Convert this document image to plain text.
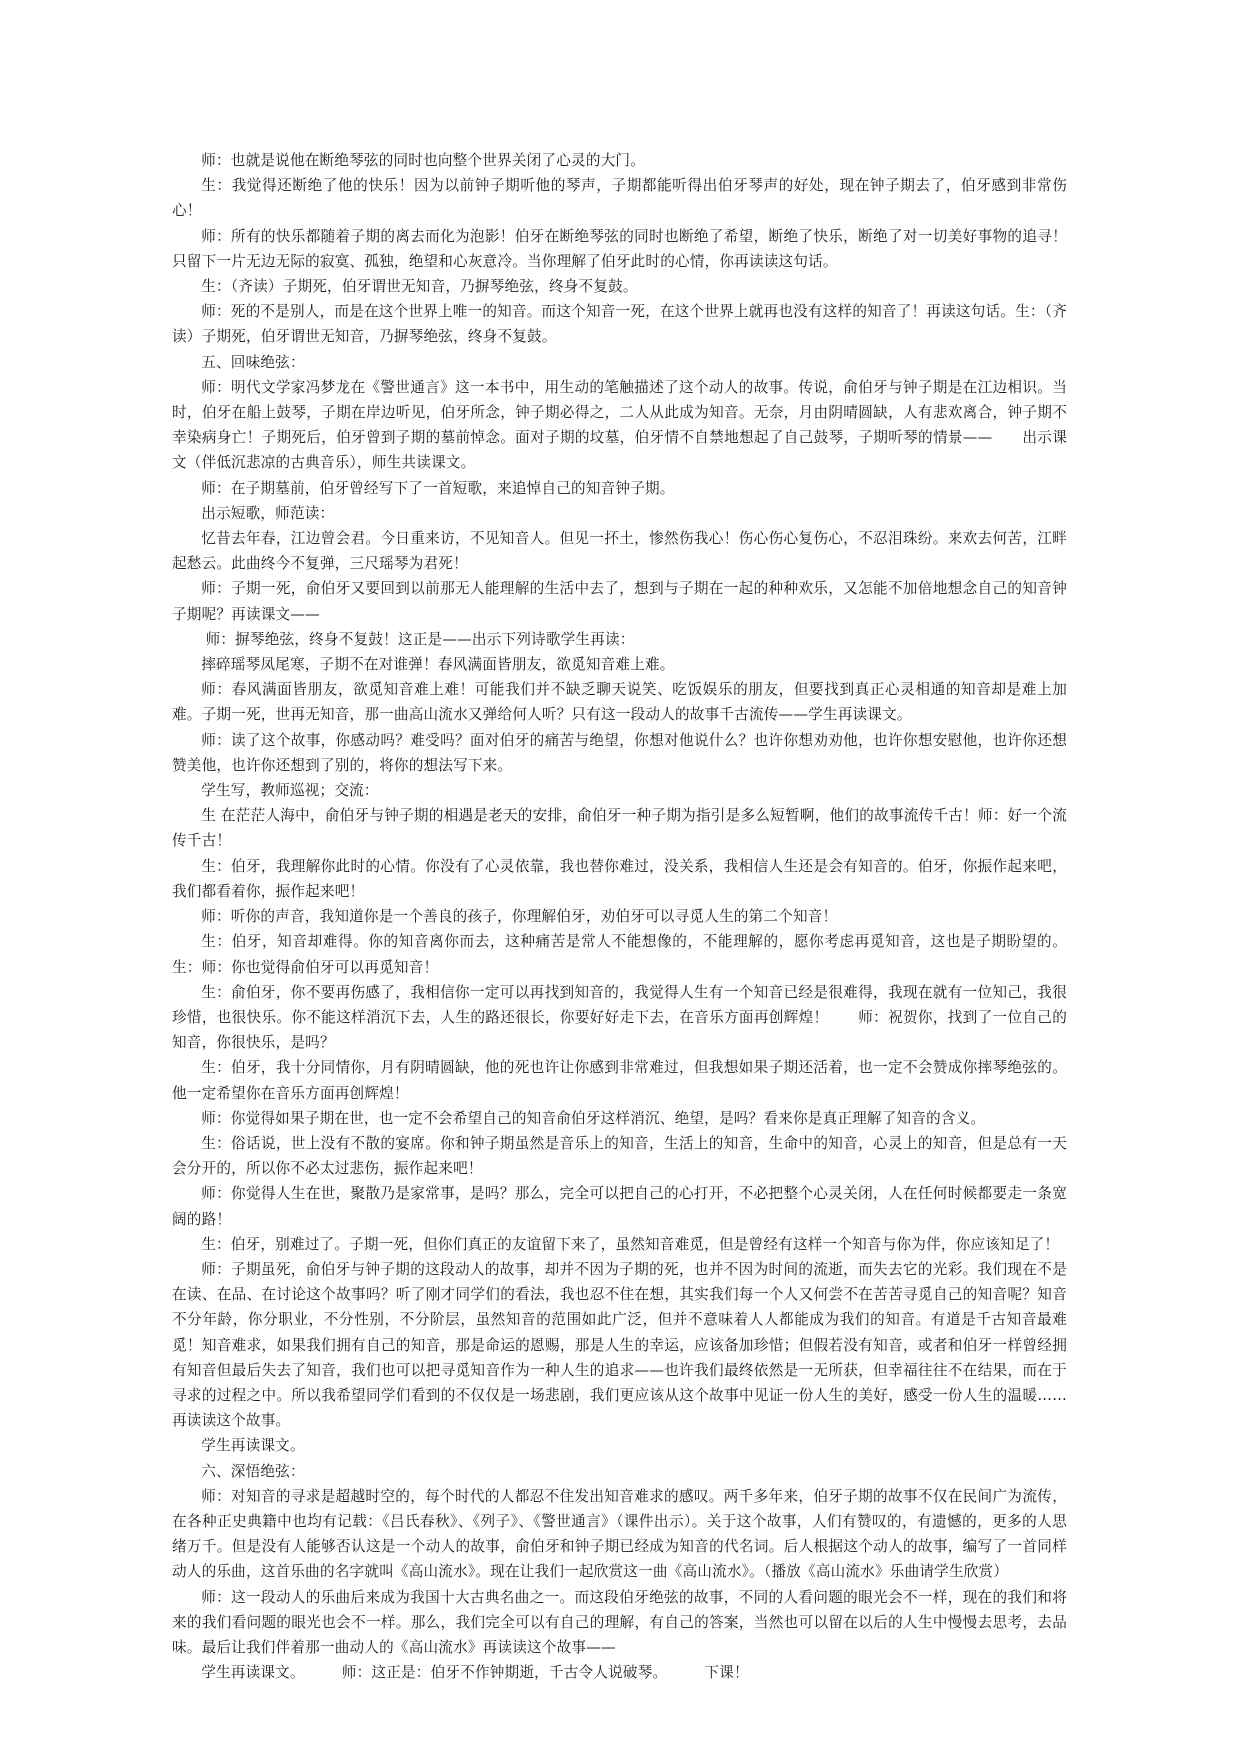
师：也就是说他在断绝琴弦的同时也向整个世界关闭了心灵的大门。

生：我觉得还断绝了他的快乐！因为以前钟子期听他的琴声，子期都能听得出伯牙琴声的好处，现在钟子期去了，伯牙感到非常伤心！

师：所有的快乐都随着子期的离去而化为泡影！伯牙在断绝琴弦的同时也断绝了希望，断绝了快乐，断绝了对一切美好事物的追寻！只留下一片无边无际的寂寞、孤独，绝望和心灰意冷。当你理解了伯牙此时的心情，你再读读这句话。

生：（齐读）子期死，伯牙谓世无知音，乃摒琴绝弦，终身不复鼓。

师：死的不是别人，而是在这个世界上唯一的知音。而这个知音一死，在这个世界上就再也没有这样的知音了！再读这句话。生：（齐读）子期死，伯牙谓世无知音，乃摒琴绝弦，终身不复鼓。

五、回味绝弦：

师：明代文学家冯梦龙在《警世通言》这一本书中，用生动的笔触描述了这个动人的故事。传说，俞伯牙与钟子期是在江边相识。当时，伯牙在船上鼓琴，子期在岸边听见，伯牙所念，钟子期必得之，二人从此成为知音。无奈，月由阴晴圆缺，人有悲欢离合，钟子期不幸染病身亡！子期死后，伯牙曾到子期的墓前悼念。面对子期的坟墓，伯牙情不自禁地想起了自己鼓琴，子期听琴的情景——　　出示课文（伴低沉悲凉的古典音乐），师生共读课文。

师：在子期墓前，伯牙曾经写下了一首短歌，来追悼自己的知音钟子期。

出示短歌，师范读：

忆昔去年春，江边曾会君。今日重来访，不见知音人。但见一抔土，惨然伤我心！伤心伤心复伤心，不忍泪珠纷。来欢去何苦，江畔起愁云。此曲终今不复弹，三尺瑶琴为君死！

师：子期一死，俞伯牙又要回到以前那无人能理解的生活中去了，想到与子期在一起的种种欢乐，又怎能不加倍地想念自己的知音钟子期呢？再读课文——

师：摒琴绝弦，终身不复鼓！这正是——出示下列诗歌学生再读：

摔碎瑶琴凤尾寒，子期不在对谁弹！春风满面皆朋友，欲觅知音难上难。

师：春风满面皆朋友，欲觅知音难上难！可能我们并不缺乏聊天说笑、吃饭娱乐的朋友，但要找到真正心灵相通的知音却是难上加难。子期一死，世再无知音，那一曲高山流水又弹给何人听？只有这一段动人的故事千古流传——学生再读课文。

师：读了这个故事，你感动吗？难受吗？面对伯牙的痛苦与绝望，你想对他说什么？也许你想劝劝他，也许你想安慰他，也许你还想赞美他，也许你还想到了别的，将你的想法写下来。

学生写，教师巡视；交流：

生 在茫茫人海中，俞伯牙与钟子期的相遇是老天的安排，俞伯牙一种子期为指引是多么短暂啊，他们的故事流传千古！师：好一个流传千古！

生：伯牙，我理解你此时的心情。你没有了心灵依靠，我也替你难过，没关系，我相信人生还是会有知音的。伯牙，你振作起来吧，我们都看着你，振作起来吧！

师：听你的声音，我知道你是一个善良的孩子，你理解伯牙，劝伯牙可以寻觅人生的第二个知音！

生：伯牙，知音却难得。你的知音离你而去，这种痛苦是常人不能想像的，不能理解的，愿你考虑再觅知音，这也是子期盼望的。生：师：你也觉得俞伯牙可以再觅知音！

生：俞伯牙，你不要再伤感了，我相信你一定可以再找到知音的，我觉得人生有一个知音已经是很难得，我现在就有一位知己，我很珍惜，也很快乐。你不能这样消沉下去，人生的路还很长，你要好好走下去，在音乐方面再创辉煌！　　师：祝贺你，找到了一位自己的知音，你很快乐，是吗？

生：伯牙，我十分同情你，月有阴晴圆缺，他的死也许让你感到非常难过，但我想如果子期还活着，也一定不会赞成你摔琴绝弦的。他一定希望你在音乐方面再创辉煌！

师：你觉得如果子期在世，也一定不会希望自己的知音俞伯牙这样消沉、绝望，是吗？看来你是真正理解了知音的含义。

生：俗话说，世上没有不散的宴席。你和钟子期虽然是音乐上的知音，生活上的知音，生命中的知音，心灵上的知音，但是总有一天会分开的，所以你不必太过悲伤，振作起来吧！

师：你觉得人生在世，聚散乃是家常事，是吗？那么，完全可以把自己的心打开，不必把整个心灵关闭，人在任何时候都要走一条宽阔的路！

生：伯牙，别难过了。子期一死，但你们真正的友谊留下来了，虽然知音难觅，但是曾经有这样一个知音与你为伴，你应该知足了！

师：子期虽死，俞伯牙与钟子期的这段动人的故事，却并不因为子期的死，也并不因为时间的流逝，而失去它的光彩。我们现在不是在读、在品、在讨论这个故事吗？听了刚才同学们的看法，我也忍不住在想，其实我们每一个人又何尝不在苦苦寻觅自己的知音呢？知音不分年龄，你分职业，不分性别，不分阶层，虽然知音的范围如此广泛，但并不意味着人人都能成为我们的知音。有道是千古知音最难觅！知音难求，如果我们拥有自己的知音，那是命运的恩赐，那是人生的幸运，应该备加珍惜；但假若没有知音，或者和伯牙一样曾经拥有知音但最后失去了知音，我们也可以把寻觅知音作为一种人生的追求——也许我们最终依然是一无所获，但幸福往往不在结果，而在于寻求的过程之中。所以我希望同学们看到的不仅仅是一场悲剧，我们更应该从这个故事中见证一份人生的美好，感受一份人生的温暖……再读读这个故事。

学生再读课文。

六、深悟绝弦：

师：对知音的寻求是超越时空的，每个时代的人都忍不住发出知音难求的感叹。两千多年来，伯牙子期的故事不仅在民间广为流传，在各种正史典籍中也均有记载：《吕氏春秋》、《列子》、《警世通言》（课件出示）。关于这个故事，人们有赞叹的，有遗憾的，更多的人思绪万千。但是没有人能够否认这是一个动人的故事，俞伯牙和钟子期已经成为知音的代名词。后人根据这个动人的故事，编写了一首同样动人的乐曲，这首乐曲的名字就叫《高山流水》。现在让我们一起欣赏这一曲《高山流水》。（播放《高山流水》乐曲请学生欣赏）

师：这一段动人的乐曲后来成为我国十大古典名曲之一。而这段伯牙绝弦的故事，不同的人看问题的眼光会不一样，现在的我们和将来的我们看问题的眼光也会不一样。那么，我们完全可以有自己的理解，有自己的答案，当然也可以留在以后的人生中慢慢去思考，去品味。最后让我们伴着那一曲动人的《高山流水》再读读这个故事——

学生再读课文。　　　师：这正是：伯牙不作钟期逝，千古令人说破琴。　　　下课！
